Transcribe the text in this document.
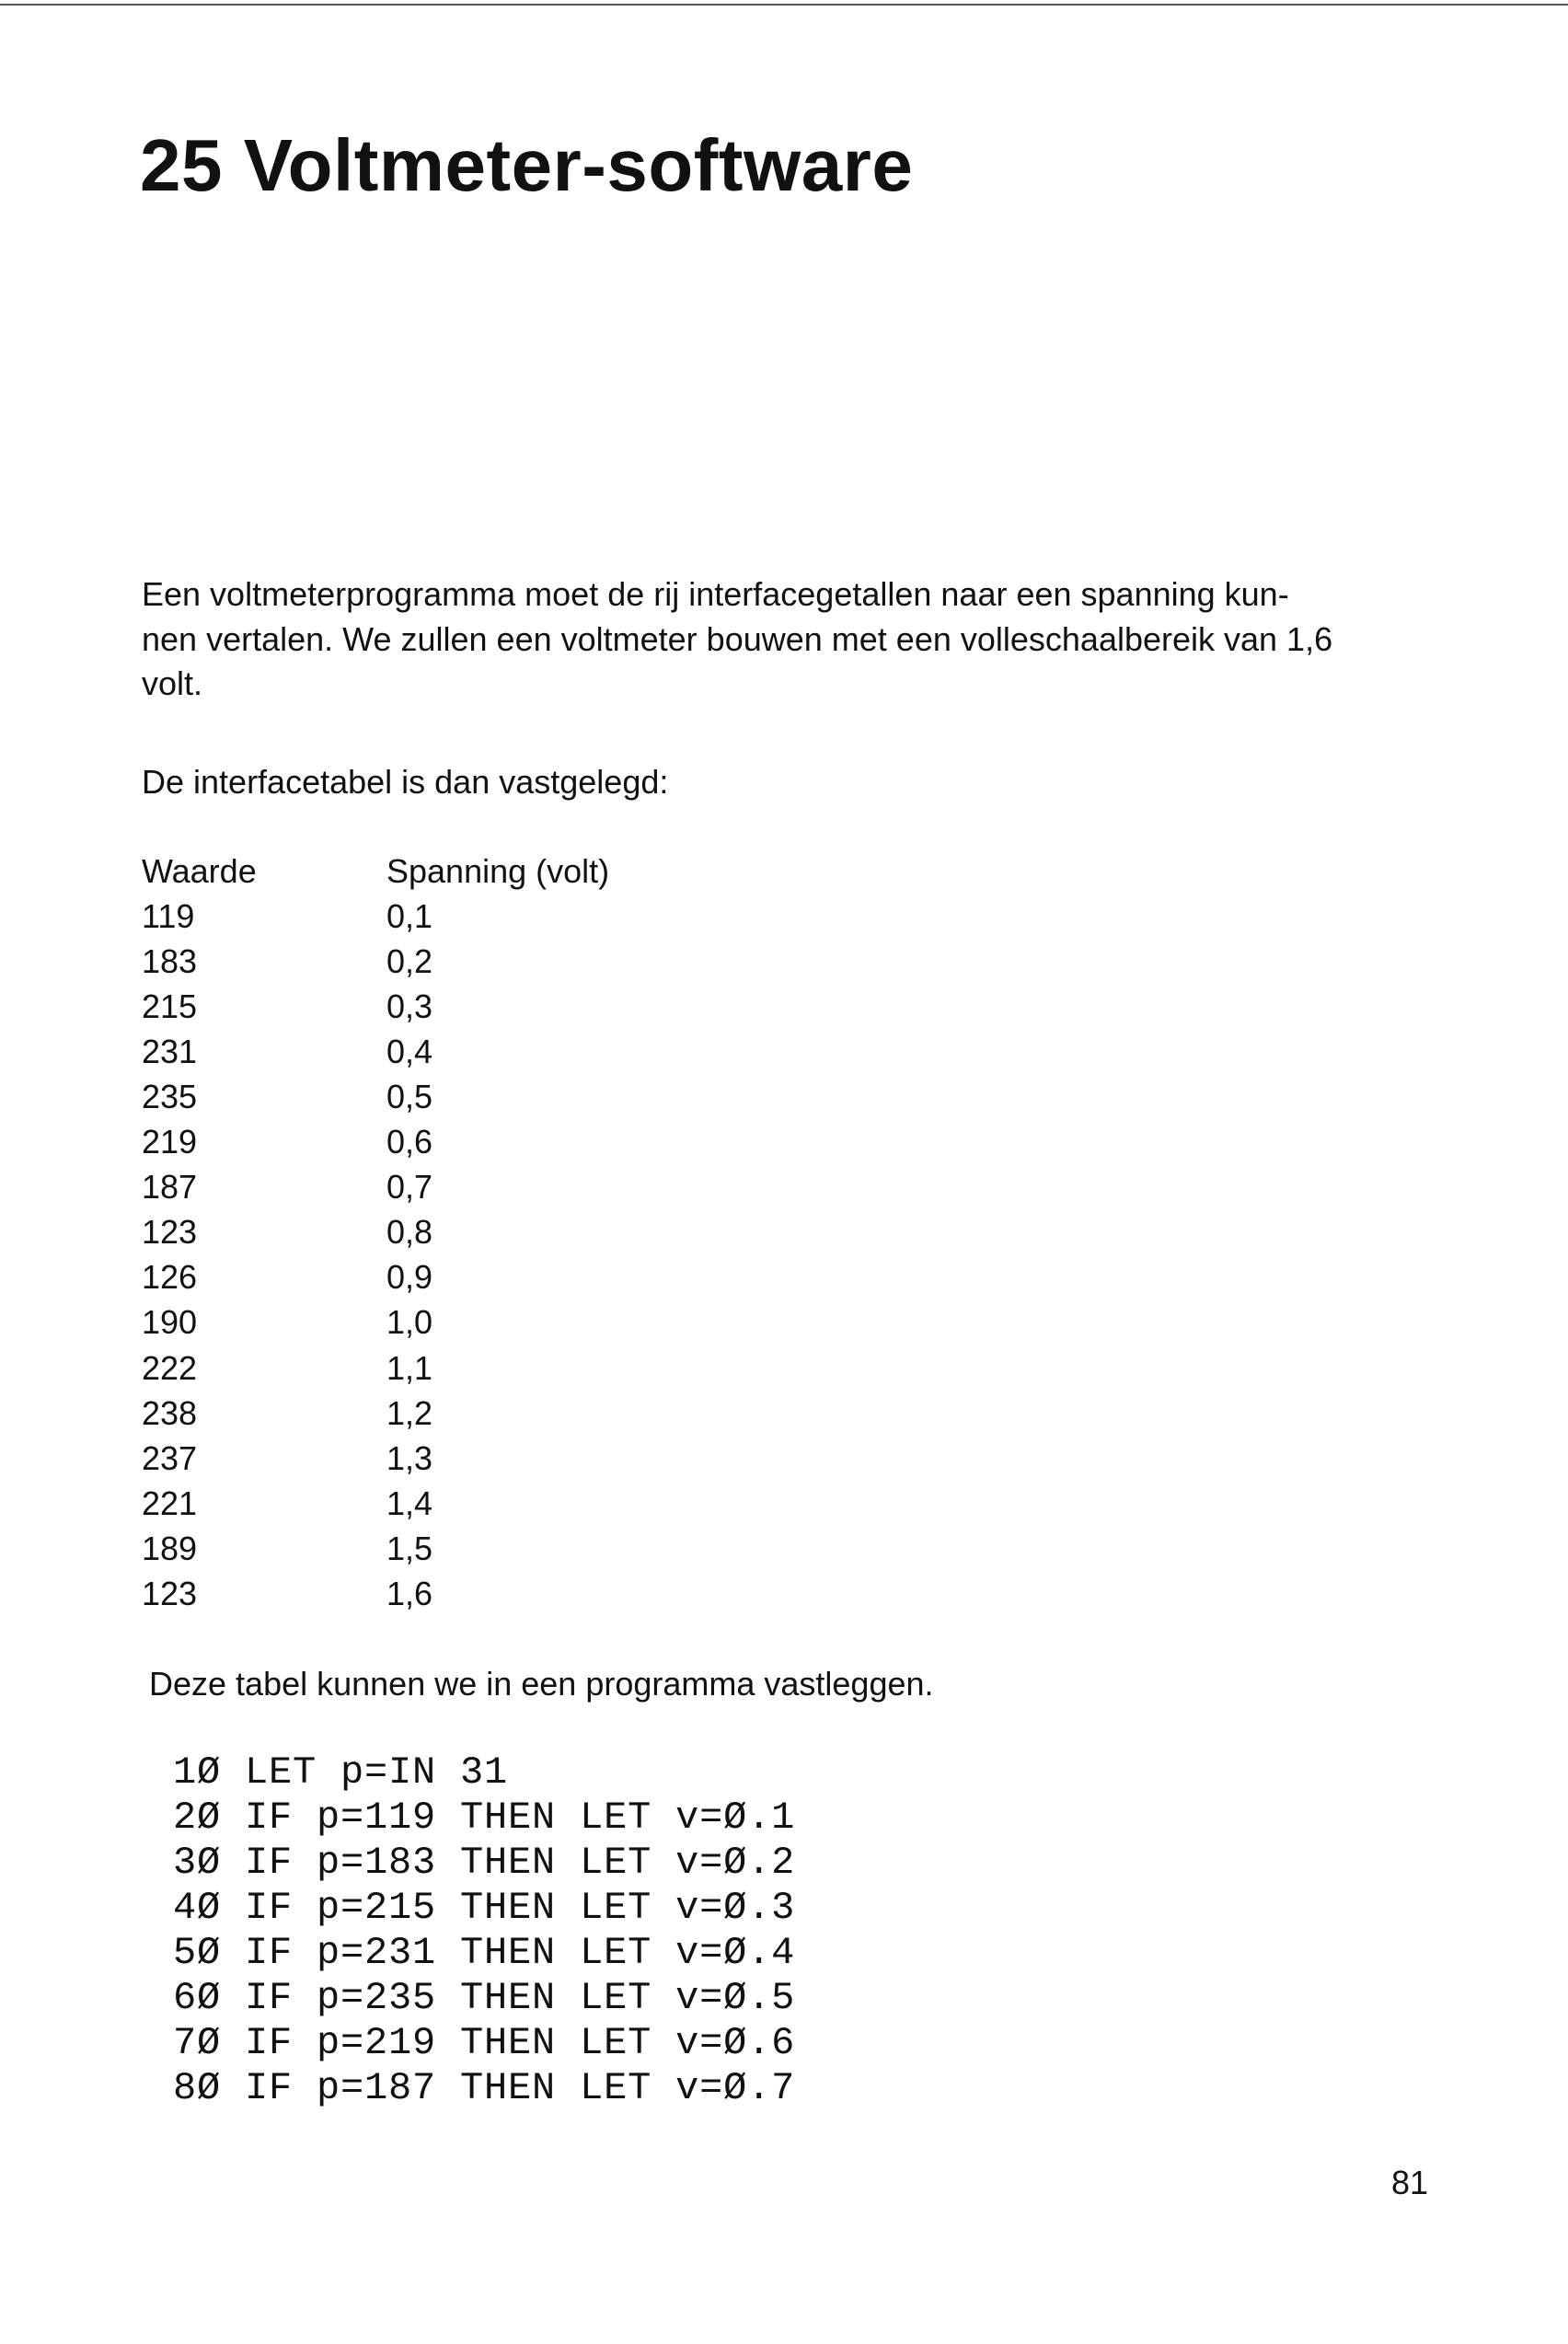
25 Voltmeter-software

Een voltmeterprogramma moet de rij interfacegetallen naar een spanning kun-
nen vertalen. We zullen een voltmeter bouwen met een volleschaalbereik van 1,6
volt.

De interfacetabel is dan vastgelegd:

Waarde	Spanning (volt)
119	0,1
183	0,2
215	0,3
231	0,4
235	0,5
219	0,6
187	0,7
123	0,8
126	0,9
190	1,0
222	1,1
238	1,2
237	1,3
221	1,4
189	1,5
123	1,6

Deze tabel kunnen we in een programma vastleggen.

1Ø LET p=IN 31
2Ø IF p=119 THEN LET v=Ø.1
3Ø IF p=183 THEN LET v=Ø.2
4Ø IF p=215 THEN LET v=Ø.3
5Ø IF p=231 THEN LET v=Ø.4
6Ø IF p=235 THEN LET v=Ø.5
7Ø IF p=219 THEN LET v=Ø.6
8Ø IF p=187 THEN LET v=Ø.7

81
